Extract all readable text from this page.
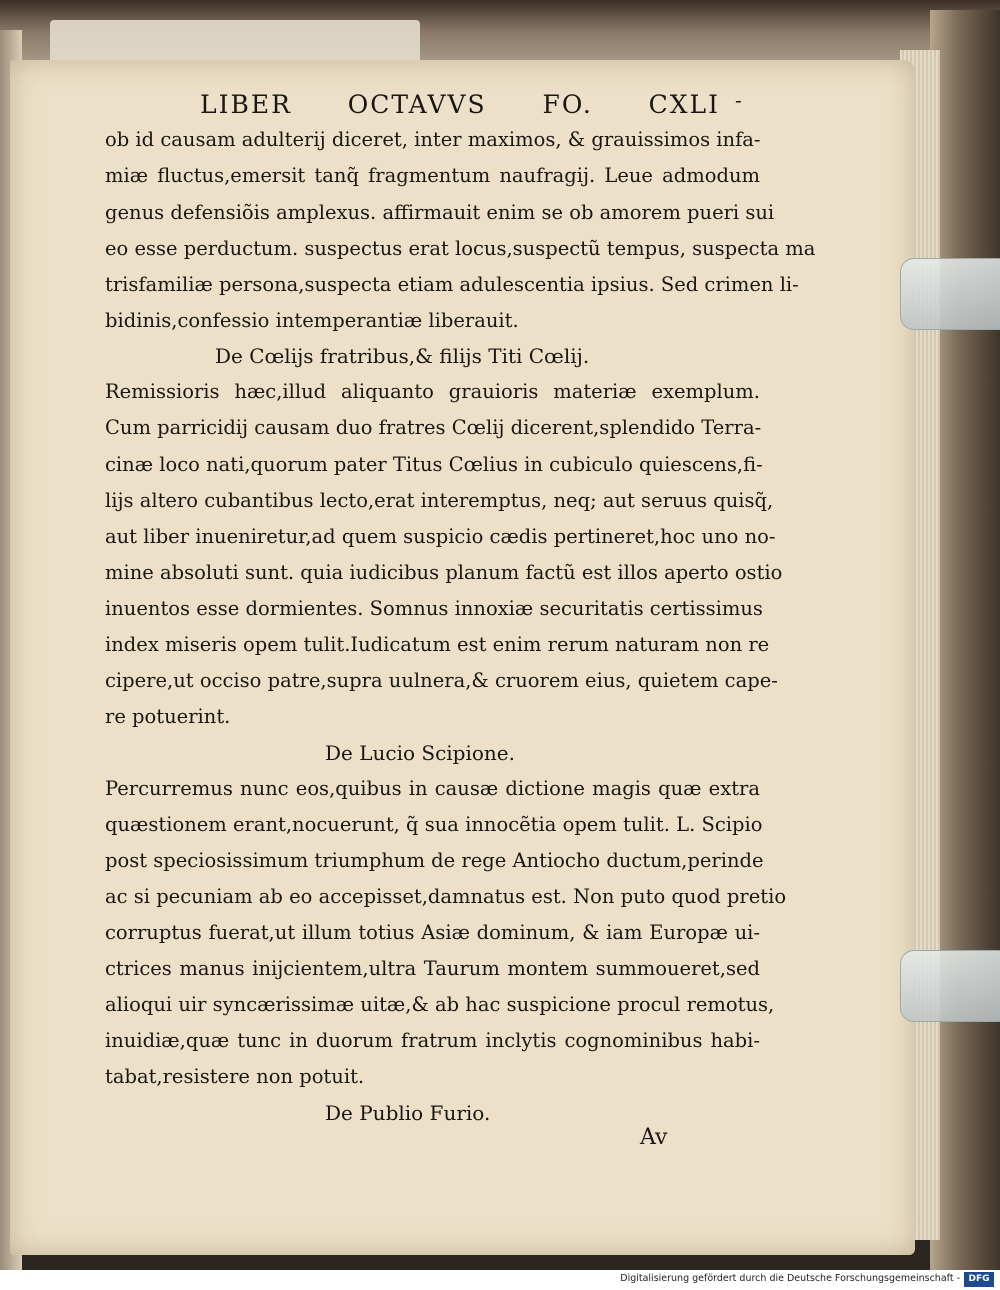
LIBER OCTAVVS FO. CXLI -
ob id causam adulterij diceret, inter maximos, & grauissimos infa-
miæ fluctus,emersit tanq̃ fragmentum naufragij. Leue admodum
genus defensiõis amplexus. affirmauit enim se ob amorem pueri sui
eo esse perductum. suspectus erat locus,suspectũ tempus, suspecta ma
trisfamiliæ persona,suspecta etiam adulescentia ipsius. Sed crimen li-
bidinis,confessio intemperantiæ liberauit.
De Cœlijs fratribus,& filijs Titi Cœlij.
Remissioris hæc,illud aliquanto grauioris materiæ exemplum.
Cum parricidij causam duo fratres Cœlij dicerent,splendido Terra-
cinæ loco nati,quorum pater Titus Cœlius in cubiculo quiescens,fi-
lijs altero cubantibus lecto,erat interemptus, neq; aut seruus quisq̃,
aut liber inueniretur,ad quem suspicio cædis pertineret,hoc uno no-
mine absoluti sunt. quia iudicibus planum factũ est illos aperto ostio
inuentos esse dormientes. Somnus innoxiæ securitatis certissimus
index miseris opem tulit.Iudicatum est enim rerum naturam non re
cipere,ut occiso patre,supra uulnera,& cruorem eius, quietem cape-
re potuerint.
De Lucio Scipione.
Percurremus nunc eos,quibus in causæ dictione magis quæ extra
quæstionem erant,nocuerunt, q̃ sua innocẽtia opem tulit. L. Scipio
post speciosissimum triumphum de rege Antiocho ductum,perinde
ac si pecuniam ab eo accepisset,damnatus est. Non puto quod pretio
corruptus fuerat,ut illum totius Asiæ dominum, & iam Europæ ui-
ctrices manus inijcientem,ultra Taurum montem summoueret,sed
alioqui uir syncærissimæ uitæ,& ab hac suspicione procul remotus,
inuidiæ,quæ tunc in duorum fratrum inclytis cognominibus habi-
tabat,resistere non potuit.
De Publio Furio.
Av
Digitalisierung gefördert durch die Deutsche Forschungsgemeinschaft - DFG
